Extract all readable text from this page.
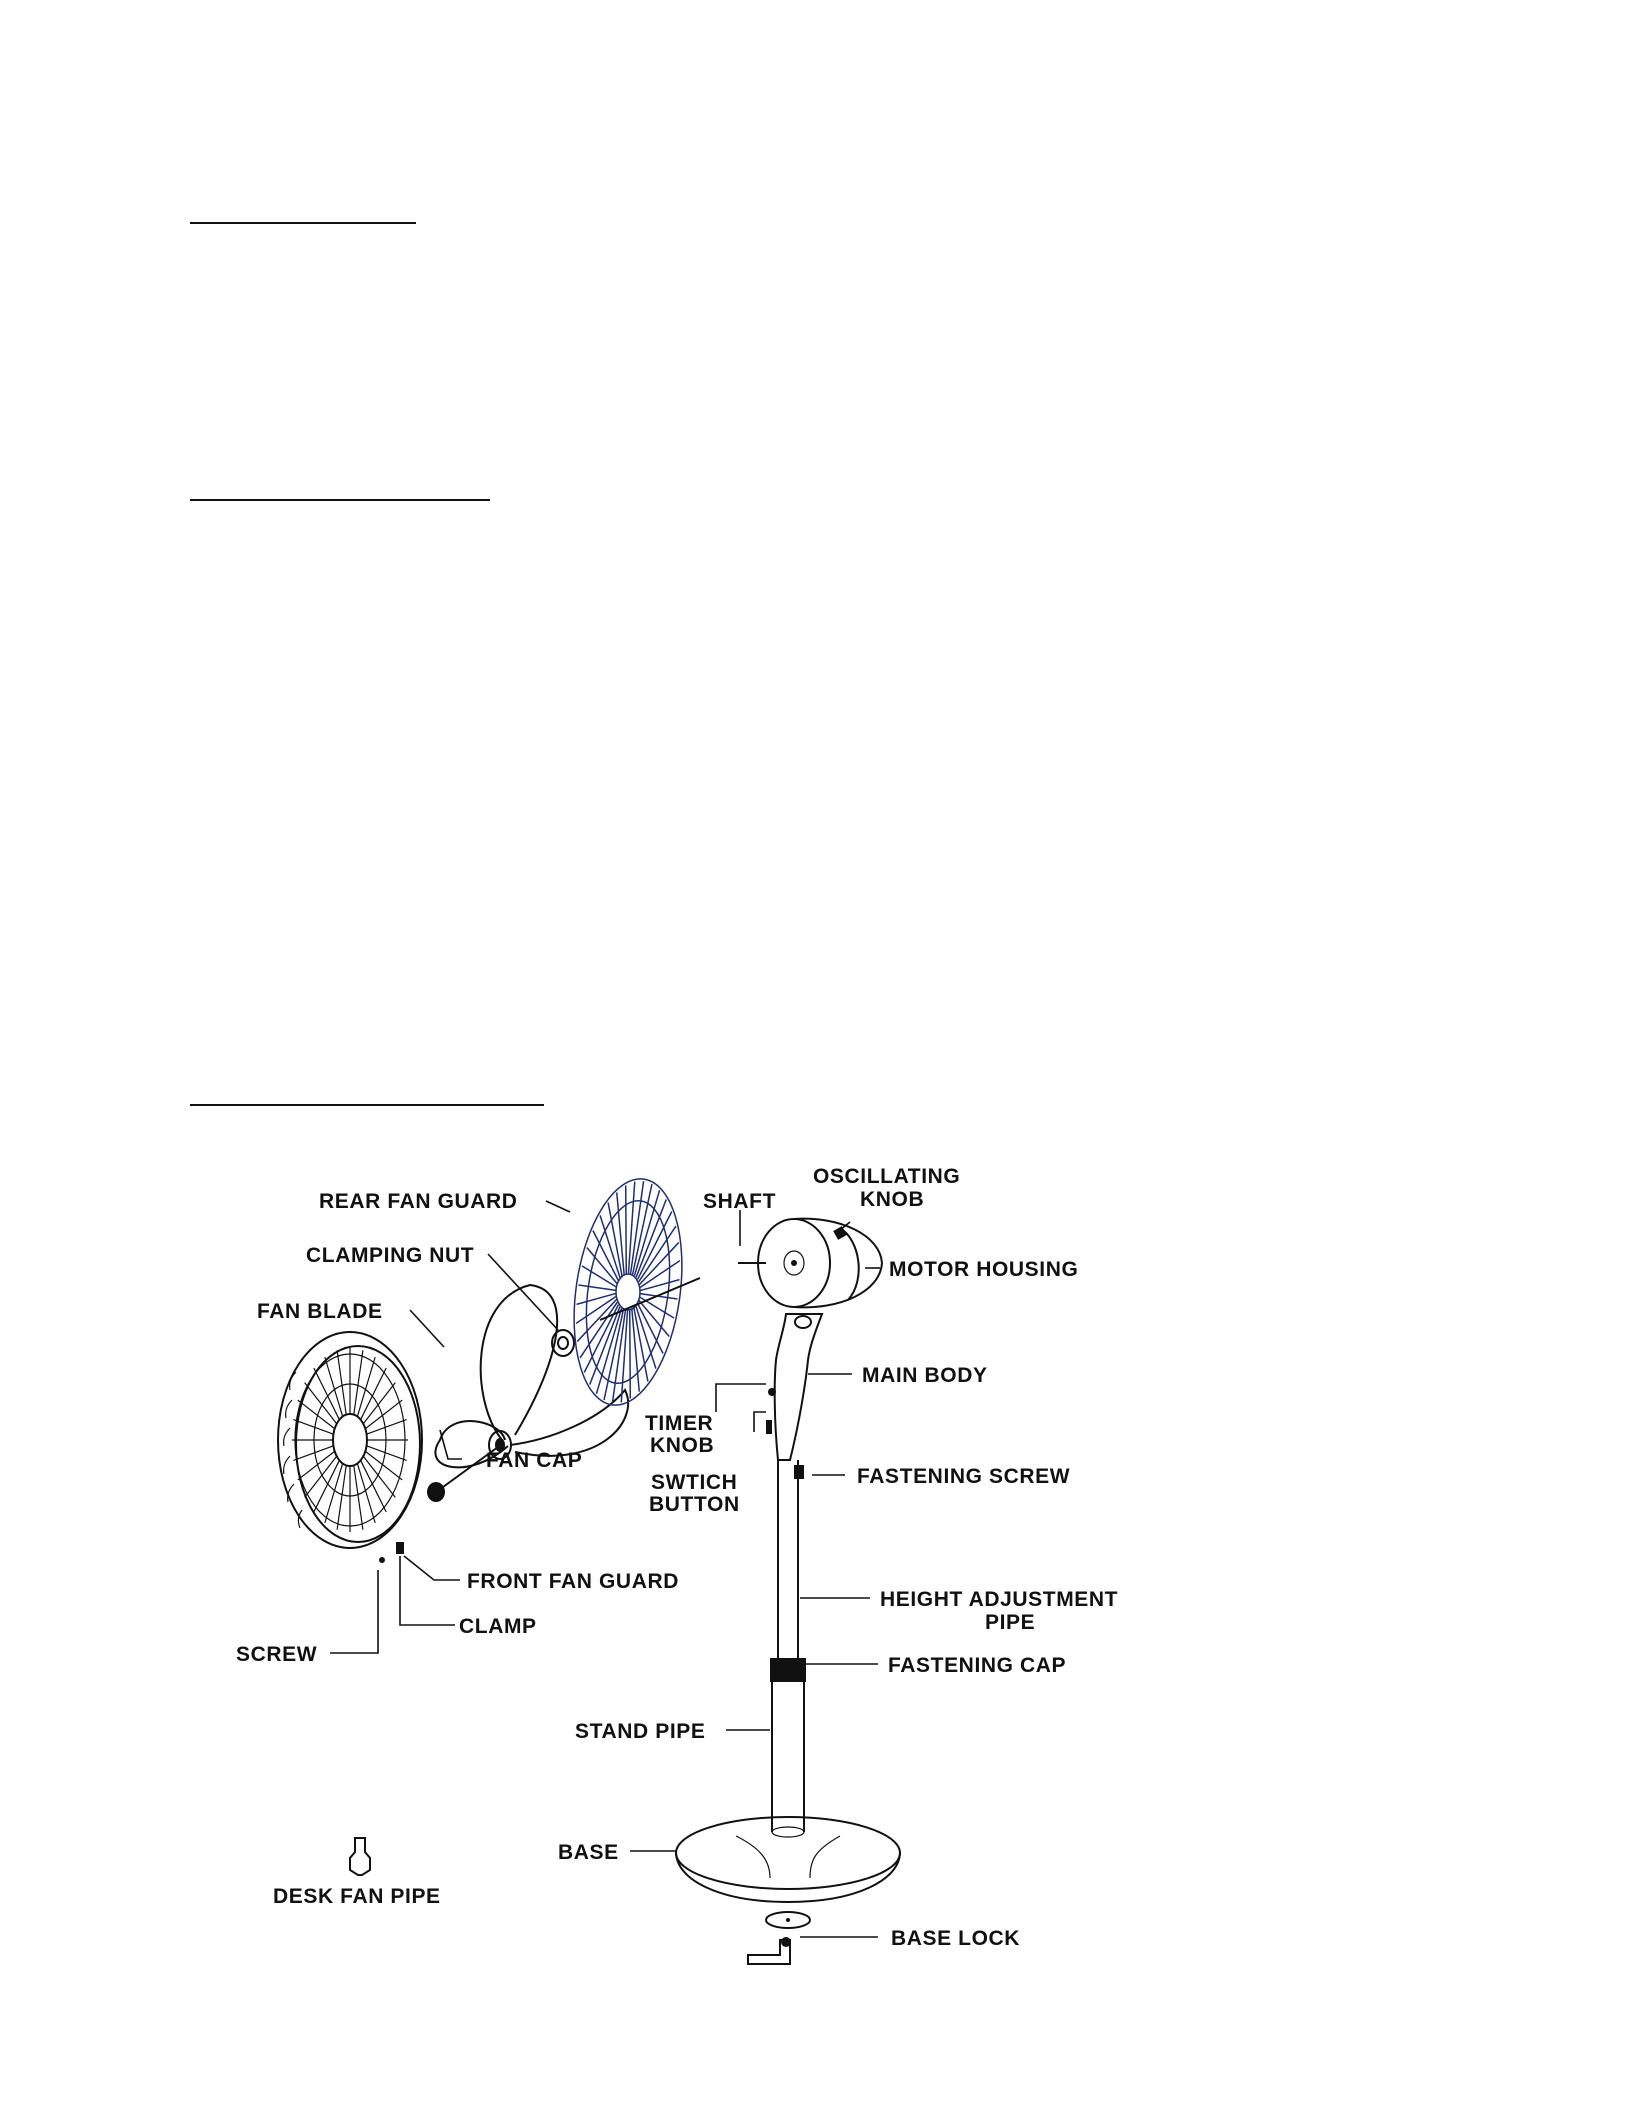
REAR FAN GUARD	SHAFT
OSCILLATING
KNOB
CLAMPING NUT
MOTOR HOUSING
FAN BLADE
MAIN BODY
TIMER
KNOB
FAN CAP
SWTICH
BUTTON
FASTENING SCREW
FRONT FAN GUARD
HEIGHT ADJUSTMENT
PIPE
CLAMP
SCREW	FASTENING CAP
STAND PIPE
BASE
DESK FAN PIPE
BASE LOCK
